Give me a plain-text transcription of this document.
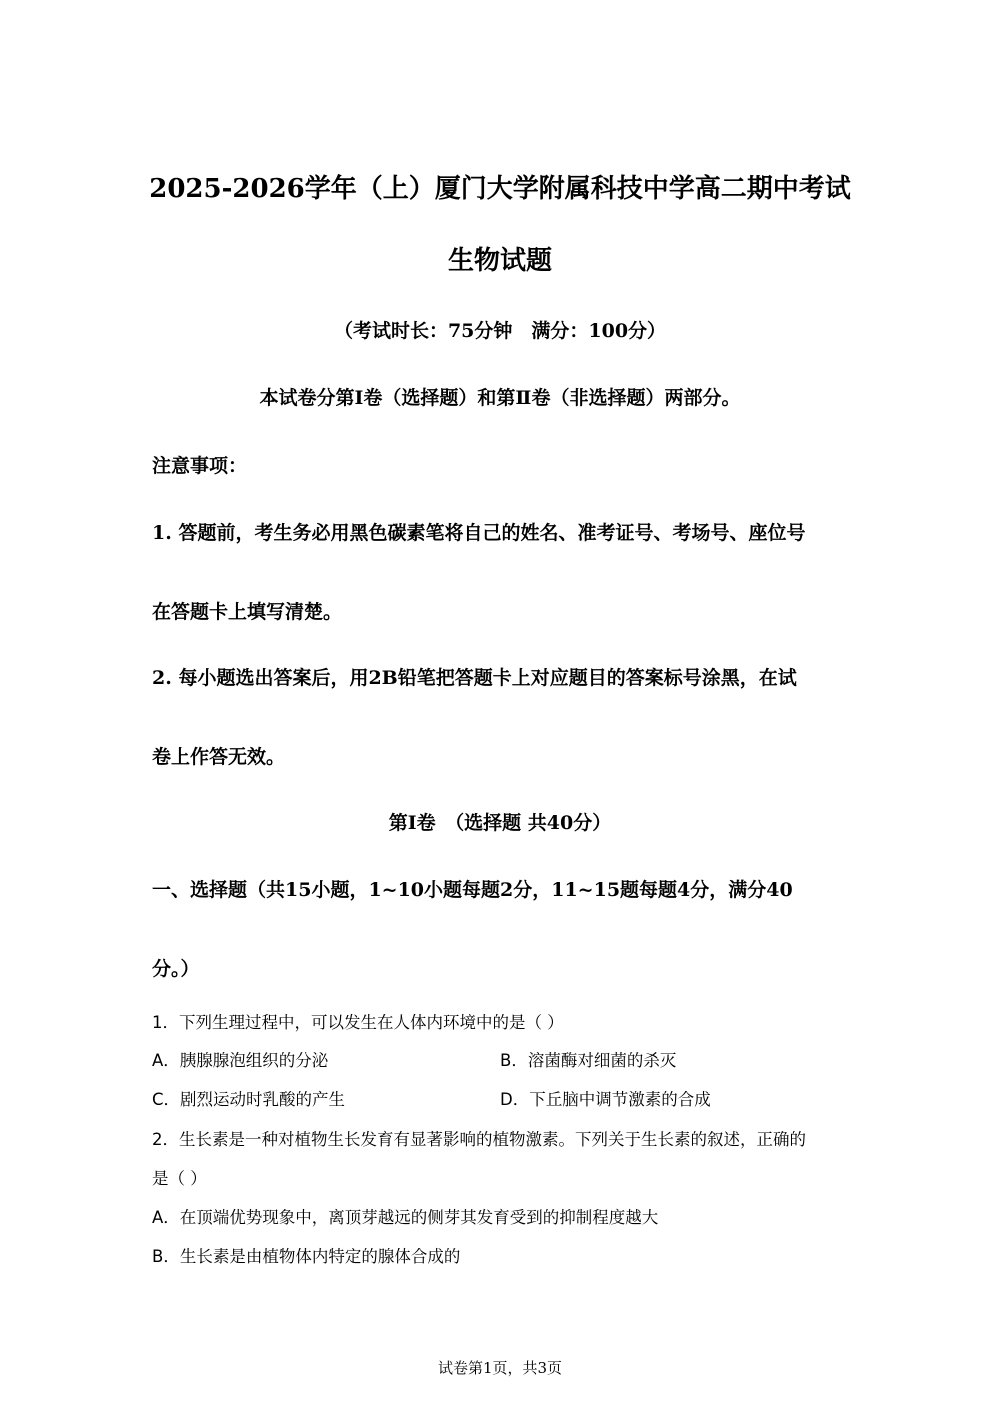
2025-2026学年（上）厦门大学附属科技中学高二期中考试
生物试题
（考试时长：75分钟　满分：100分）
本试卷分第Ⅰ卷（选择题）和第Ⅱ卷（非选择题）两部分。
注意事项：
1. 答题前，考生务必用黑色碳素笔将自己的姓名、准考证号、考场号、座位号
在答题卡上填写清楚。
2. 每小题选出答案后，用2B铅笔把答题卡上对应题目的答案标号涂黑，在试
卷上作答无效。
第Ⅰ卷　（选择题 共40分）
一、选择题（共15小题，1~10小题每题2分，11~15题每题4分，满分40
分。）
1．下列生理过程中，可以发生在人体内环境中的是（ ）
A．胰腺腺泡组织的分泌	B．溶菌酶对细菌的杀灭
C．剧烈运动时乳酸的产生	D．下丘脑中调节激素的合成
2．生长素是一种对植物生长发育有显著影响的植物激素。下列关于生长素的叙述，正确的
是（ ）
A．在顶端优势现象中，离顶芽越远的侧芽其发育受到的抑制程度越大
B．生长素是由植物体内特定的腺体合成的
试卷第1页，共3页
